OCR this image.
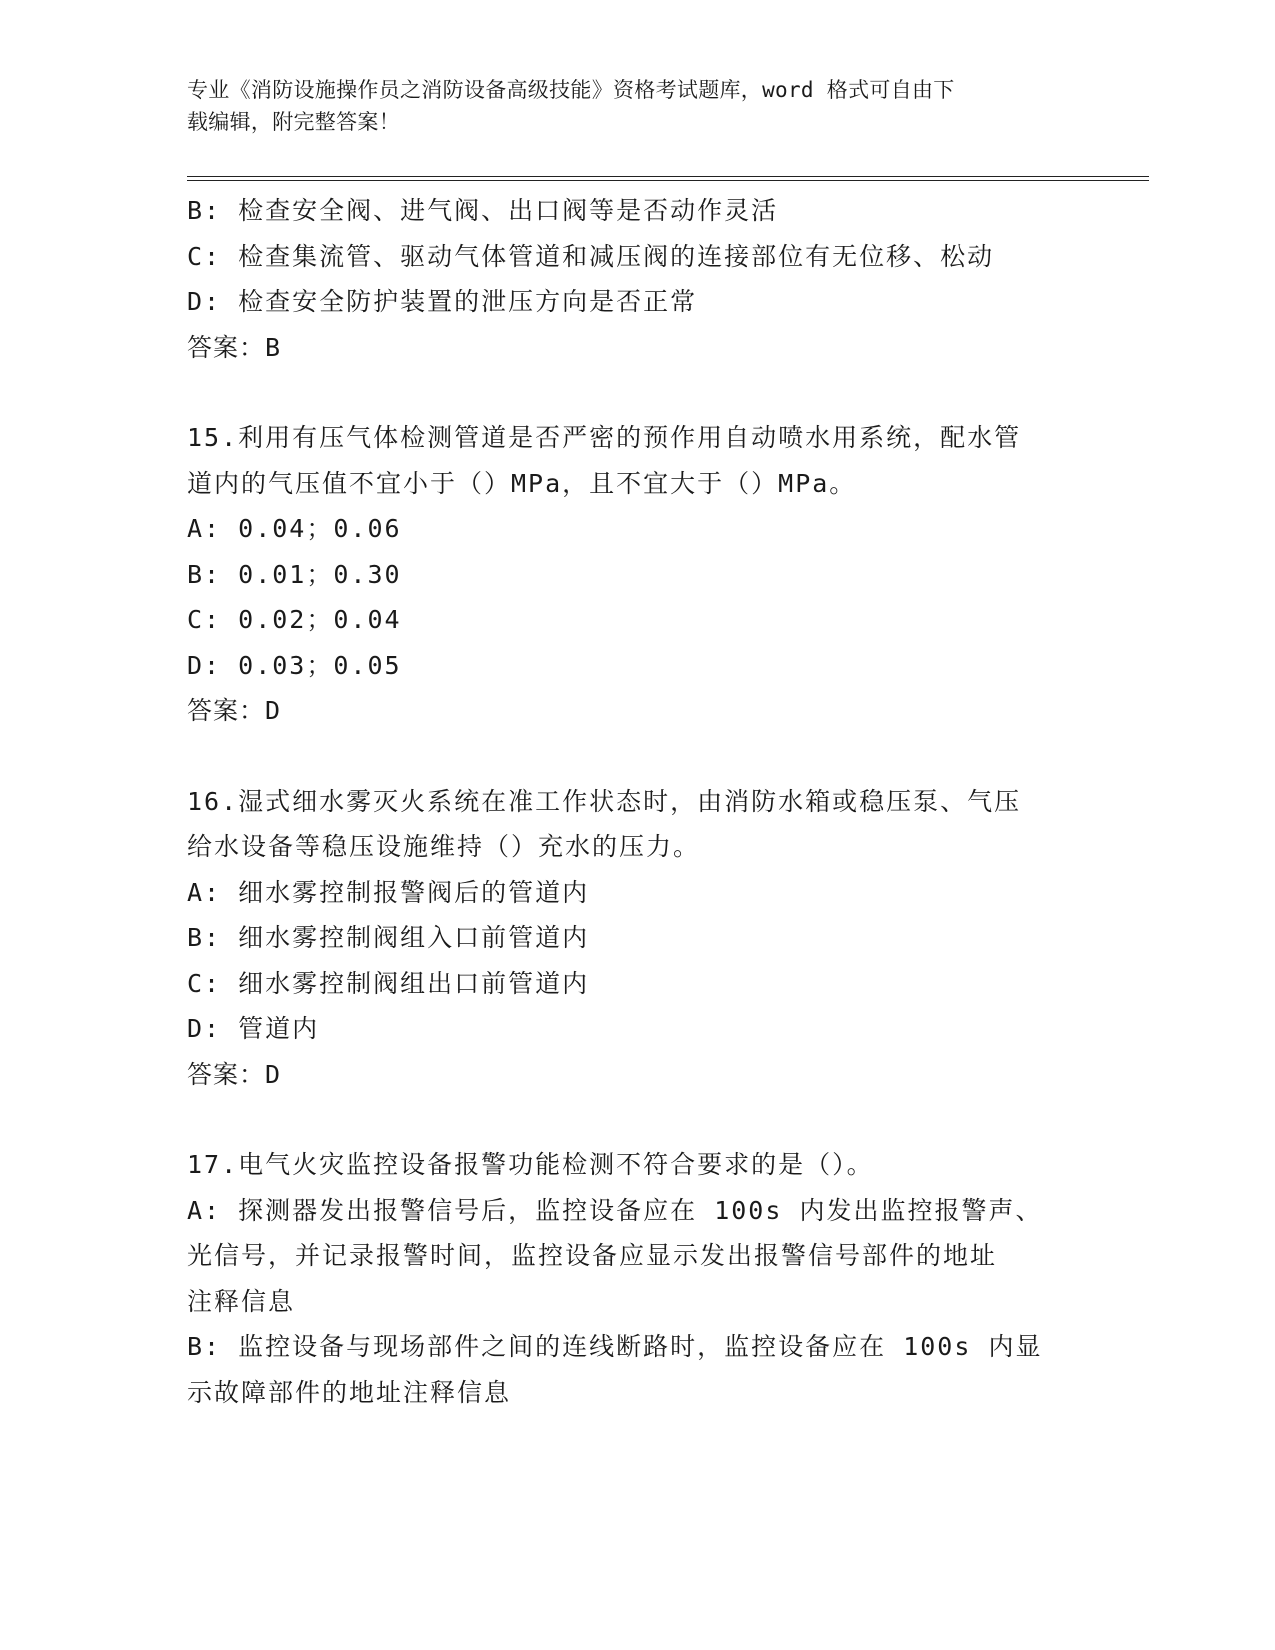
专业《消防设施操作员之消防设备高级技能》资格考试题库，word 格式可自由下

载编辑，附完整答案！

B: 检查安全阀、进气阀、出口阀等是否动作灵活

C: 检查集流管、驱动气体管道和减压阀的连接部位有无位移、松动

D: 检查安全防护装置的泄压方向是否正常

答案：B

15.利用有压气体检测管道是否严密的预作用自动喷水用系统，配水管

道内的气压值不宜小于（）MPa，且不宜大于（）MPa。

A: 0.04；0.06

B: 0.01；0.30

C: 0.02；0.04

D: 0.03；0.05

答案：D

16.湿式细水雾灭火系统在准工作状态时，由消防水箱或稳压泵、气压

给水设备等稳压设施维持（）充水的压力。

A: 细水雾控制报警阀后的管道内

B: 细水雾控制阀组入口前管道内

C: 细水雾控制阀组出口前管道内

D: 管道内

答案：D

17.电气火灾监控设备报警功能检测不符合要求的是（）。

A: 探测器发出报警信号后，监控设备应在 100s 内发出监控报警声、

光信号，并记录报警时间，监控设备应显示发出报警信号部件的地址

注释信息

B: 监控设备与现场部件之间的连线断路时，监控设备应在 100s 内显

示故障部件的地址注释信息
